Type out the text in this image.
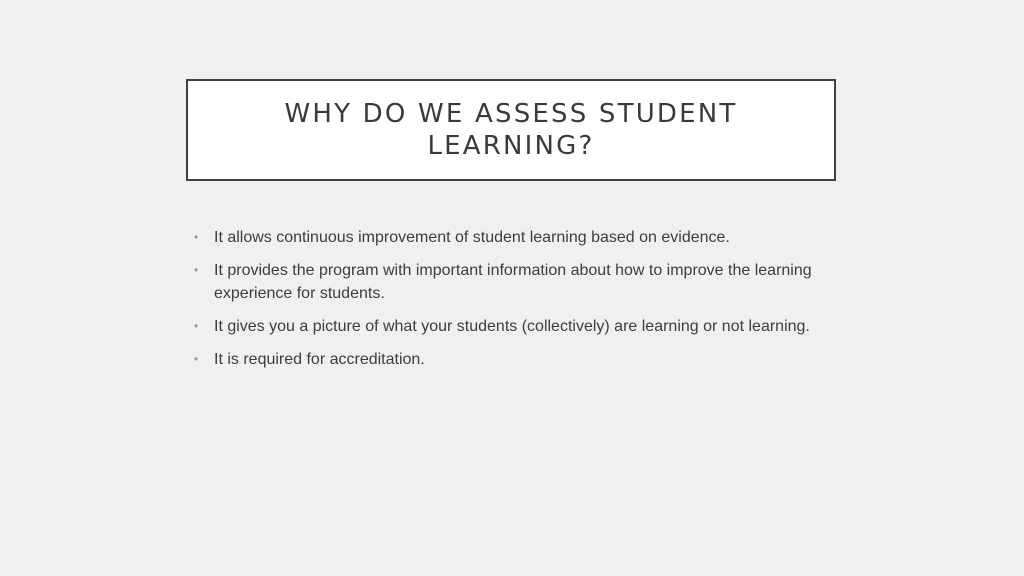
WHY DO WE ASSESS STUDENT
LEARNING?
• It allows continuous improvement of student learning based on evidence.
• It provides the program with important information about how to improve the learning experience for students.
• It gives you a picture of what your students (collectively) are learning or not learning.
• It is required for accreditation.
